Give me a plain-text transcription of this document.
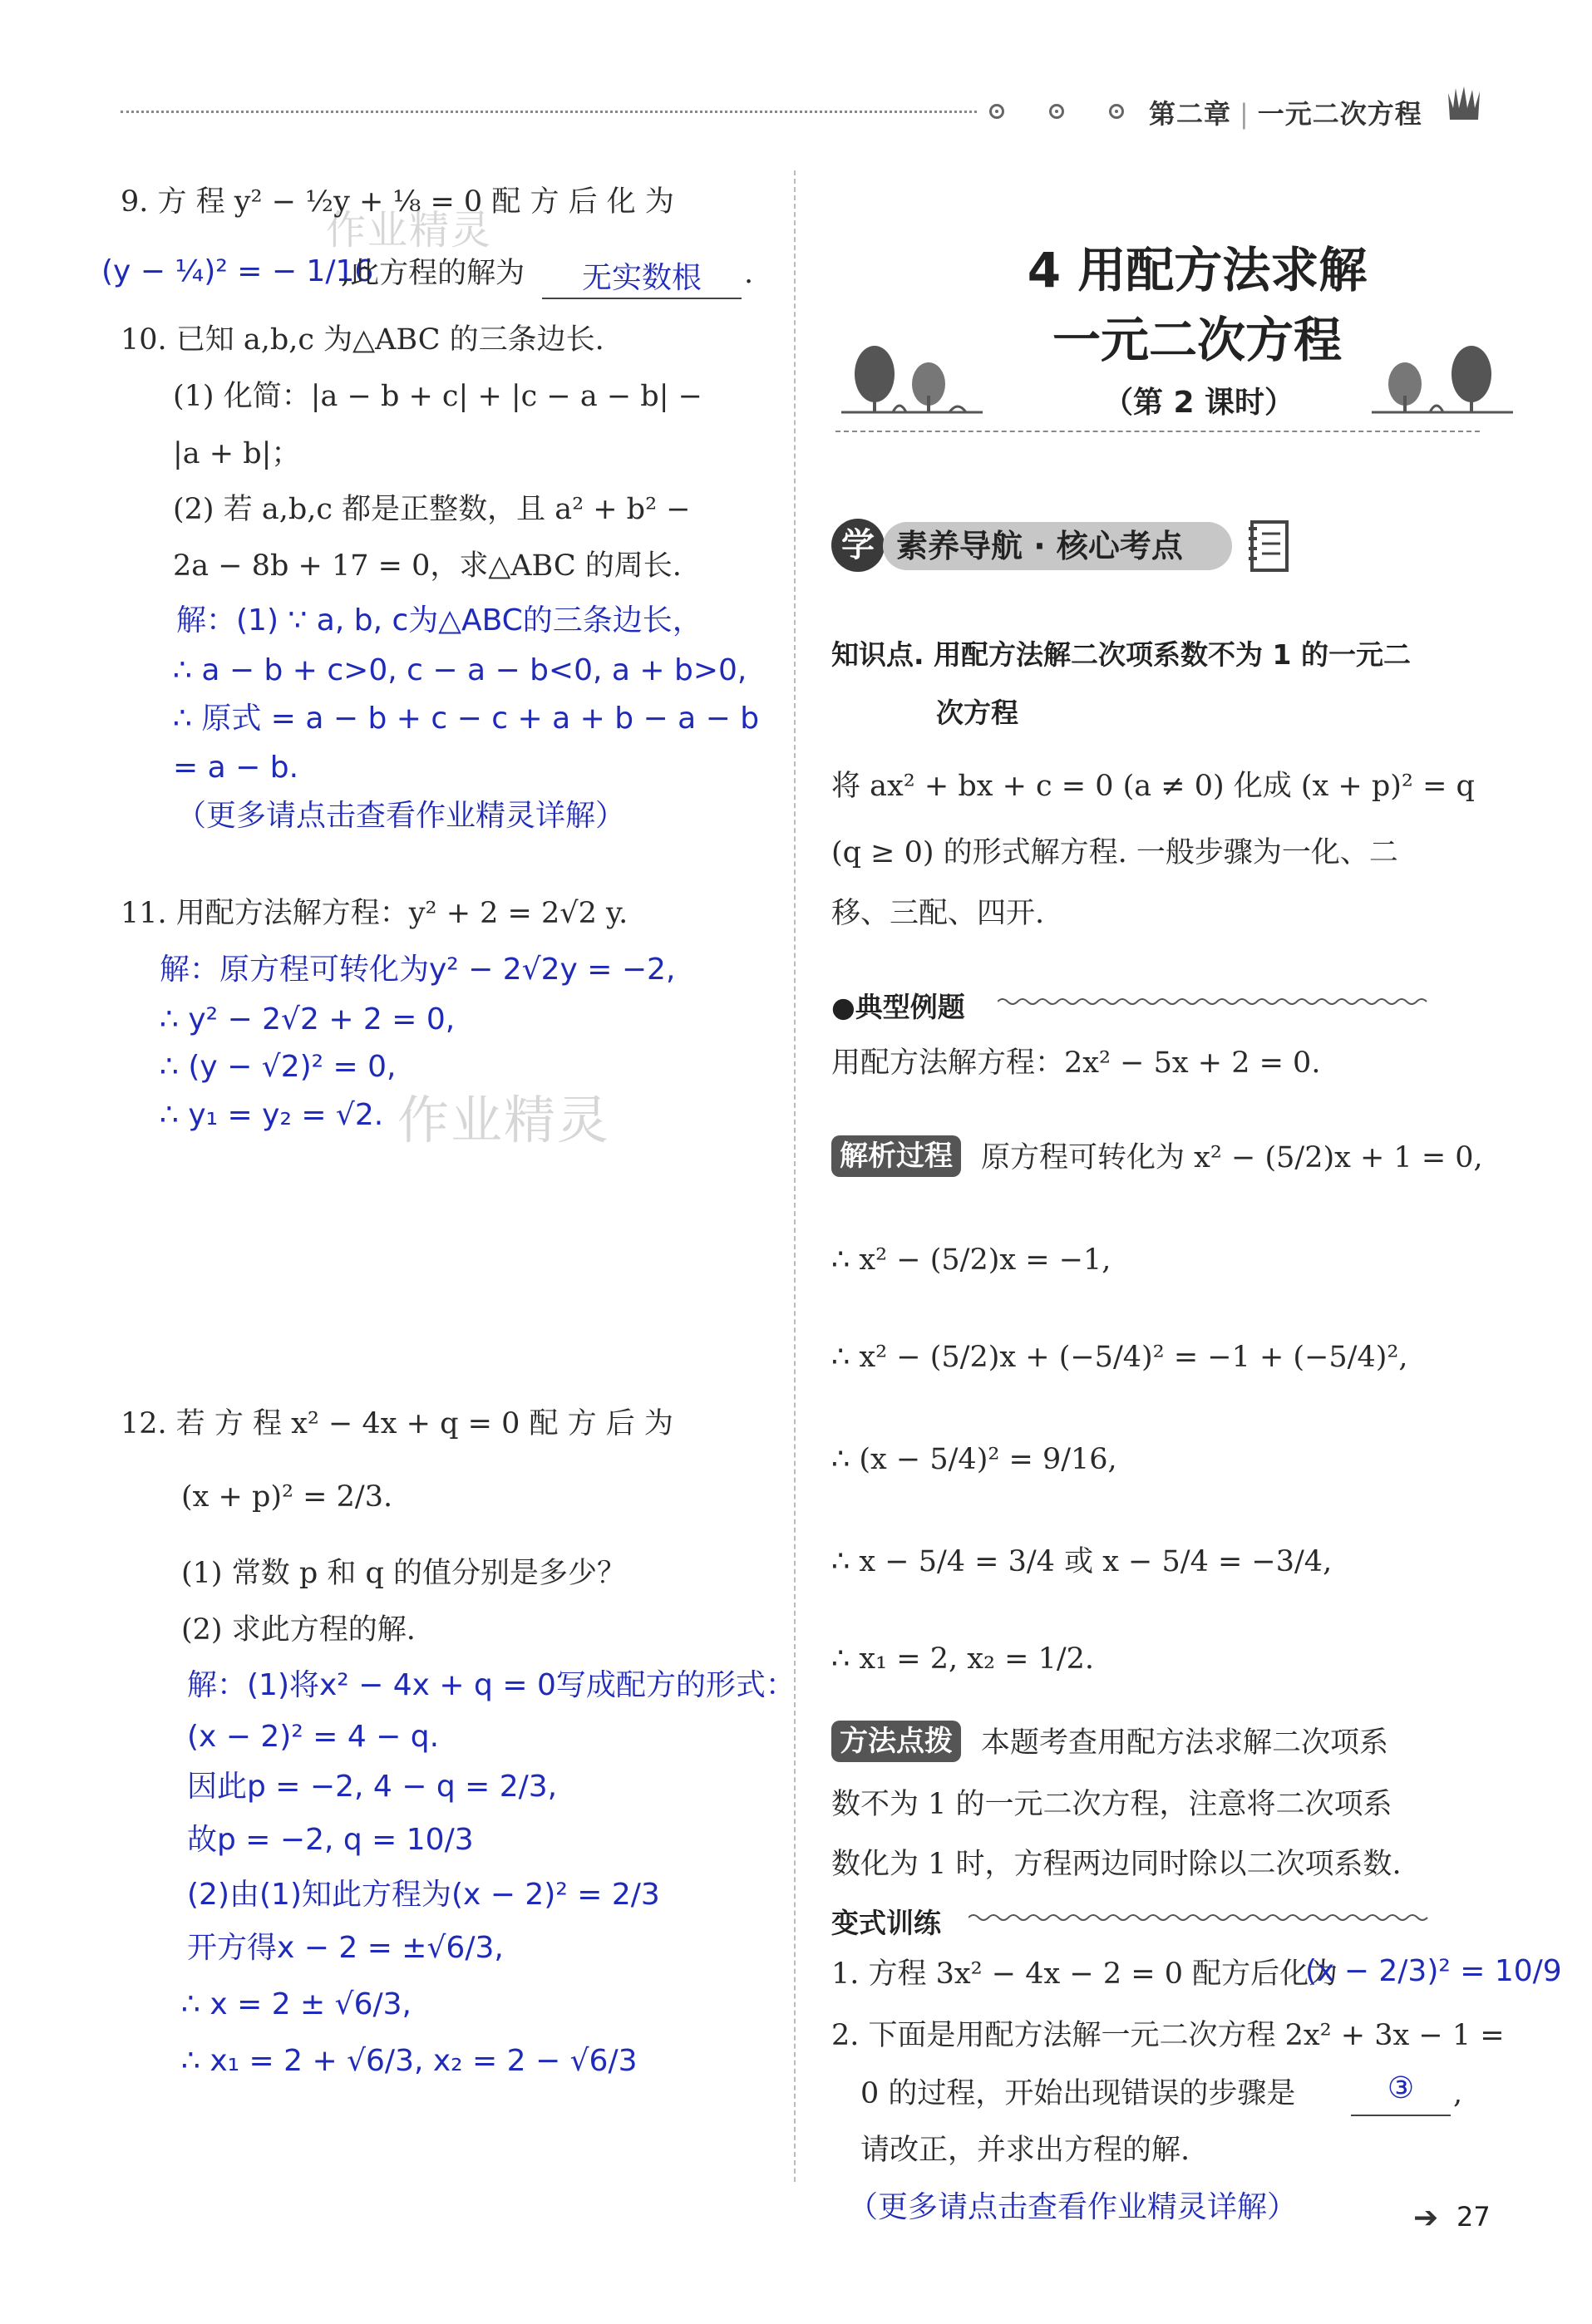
第二章 | 一元二次方程
作业精灵
9. 方 程 y² − ½y + ⅛ = 0 配 方 后 化 为
(y − ¼)² = − 1/16
,此方程的解为	无实数根	.
10. 已知 a,b,c 为△ABC 的三条边长.
(1) 化简：|a − b + c| + |c − a − b| −
|a + b|；
(2) 若 a,b,c 都是正整数，且 a² + b² −
2a − 8b + 17 = 0，求△ABC 的周长.
解：(1) ∵ a, b, c为△ABC的三条边长，
∴ a − b + c>0, c − a − b<0, a + b>0,
∴ 原式 = a − b + c − c + a + b − a − b
= a − b.
（更多请点击查看作业精灵详解）
11. 用配方法解方程：y² + 2 = 2√2 y.
解：原方程可转化为y² − 2√2y = −2,
∴ y² − 2√2 + 2 = 0,
∴ (y − √2)² = 0,
∴ y₁ = y₂ = √2. 作业精灵
12. 若 方 程 x² − 4x + q = 0 配 方 后 为
(x + p)² = 2/3.
(1) 常数 p 和 q 的值分别是多少？
(2) 求此方程的解.
解：(1)将x² − 4x + q = 0写成配方的形式：
(x − 2)² = 4 − q.
因此p = −2, 4 − q = 2/3,
故p = −2, q = 10/3
(2)由(1)知此方程为(x − 2)² = 2/3
开方得x − 2 = ±√6/3,
∴ x = 2 ± √6/3,
∴ x₁ = 2 + √6/3, x₂ = 2 − √6/3
4 用配方法求解
一元二次方程
（第 2 课时）
学 素养导航 · 核心考点
知识点. 用配方法解二次项系数不为 1 的一元二
次方程
将 ax² + bx + c = 0 (a ≠ 0) 化成 (x + p)² = q
(q ≥ 0) 的形式解方程. 一般步骤为一化、二
移、三配、四开.
●典型例题
用配方法解方程：2x² − 5x + 2 = 0.
解析过程 原方程可转化为 x² − (5/2)x + 1 = 0,
∴ x² − (5/2)x = −1,
∴ x² − (5/2)x + (−5/4)² = −1 + (−5/4)²,
∴ (x − 5/4)² = 9/16,
∴ x − 5/4 = 3/4 或 x − 5/4 = −3/4,
∴ x₁ = 2, x₂ = 1/2.
方法点拨 本题考查用配方法求解二次项系
数不为 1 的一元二次方程，注意将二次项系
数化为 1 时，方程两边同时除以二次项系数.
变式训练
1. 方程 3x² − 4x − 2 = 0 配方后化为
(x − 2/3)² = 10/9
2. 下面是用配方法解一元二次方程 2x² + 3x − 1 =
0 的过程，开始出现错误的步骤是	③	,
请改正，并求出方程的解.
（更多请点击查看作业精灵详解）	➔ 27
